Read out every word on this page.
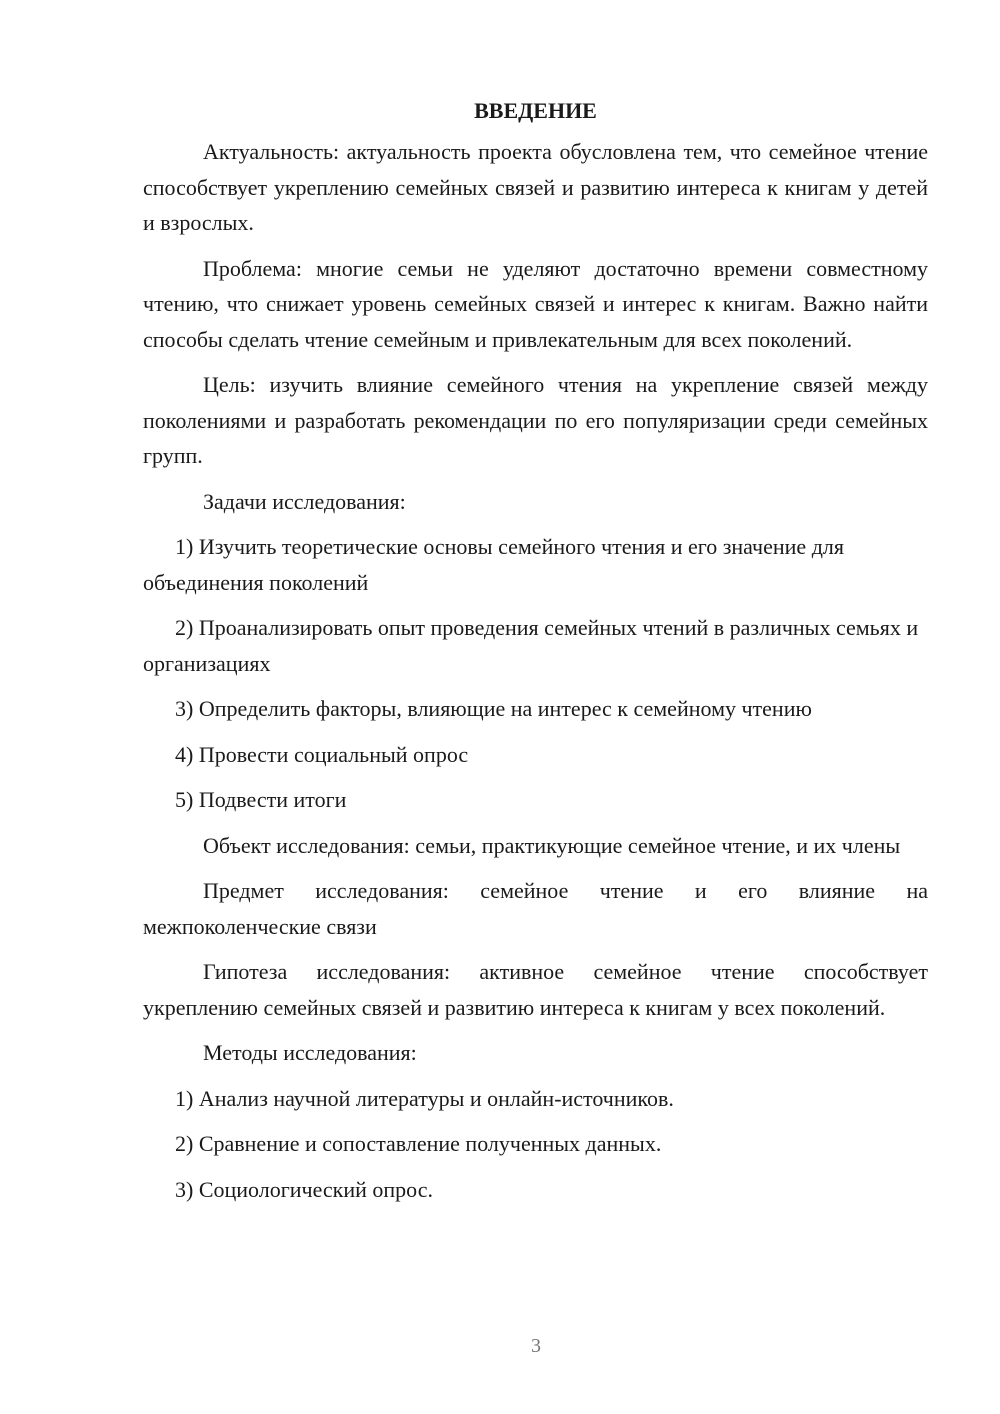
ВВЕДЕНИЕ
Актуальность: актуальность проекта обусловлена тем, что семейное чтение способствует укреплению семейных связей и развитию интереса к книгам у детей и взрослых.
Проблема: многие семьи не уделяют достаточно времени совместному чтению, что снижает уровень семейных связей и интерес к книгам. Важно найти способы сделать чтение семейным и привлекательным для всех поколений.
Цель: изучить влияние семейного чтения на укрепление связей между поколениями и разработать рекомендации по его популяризации среди семейных групп.
Задачи исследования:
1) Изучить теоретические основы семейного чтения и его значение для объединения поколений
2) Проанализировать опыт проведения семейных чтений в различных семьях и организациях
3) Определить факторы, влияющие на интерес к семейному чтению
4) Провести социальный опрос
5) Подвести итоги
Объект исследования: семьи, практикующие семейное чтение, и их члены
Предмет исследования: семейное чтение и его влияние на межпоколенческие связи
Гипотеза исследования: активное семейное чтение способствует укреплению семейных связей и развитию интереса к книгам у всех поколений.
Методы исследования:
1) Анализ научной литературы и онлайн-источников.
2) Сравнение и сопоставление полученных данных.
3) Социологический опрос.
3
